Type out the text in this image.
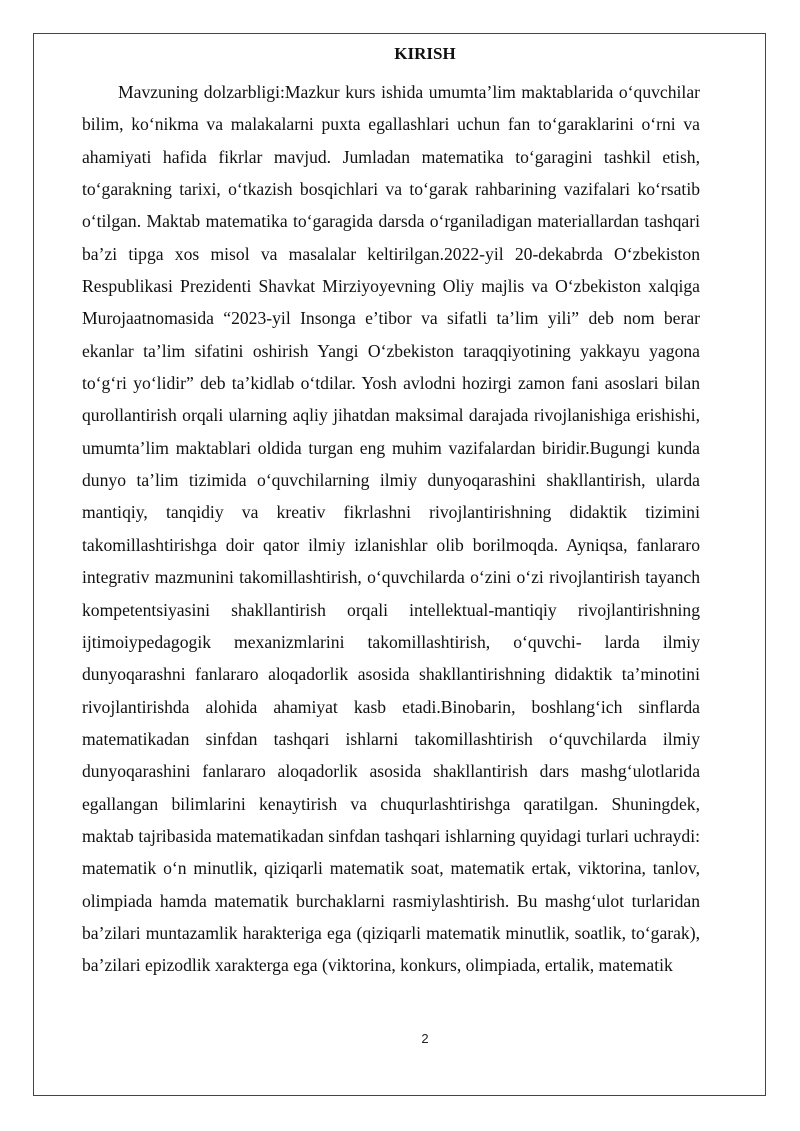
KIRISH

Mavzuning dolzarbligi:Mazkur kurs ishida umumta’lim maktablarida o‘quvchilar bilim, ko‘nikma va malakalarni puxta egallashlari uchun fan to‘garaklarini o‘rni va ahamiyati hafida fikrlar mavjud. Jumladan matematika to‘garagini tashkil etish, to‘garakning tarixi, o‘tkazish bosqichlari va to‘garak rahbarining vazifalari ko‘rsatib o‘tilgan. Maktab matematika to‘garagida darsda o‘rganiladigan materiallardan tashqari ba’zi tipga xos misol va masalalar keltirilgan.2022-yil 20-dekabrda O‘zbekiston Respublikasi Prezidenti Shavkat Mirziyoyevning Oliy majlis va O‘zbekiston xalqiga Murojaatnomasida “2023-yil Insonga e’tibor va sifatli ta’lim yili” deb nom berar ekanlar ta’lim sifatini oshirish Yangi O‘zbekiston taraqqiyotining yakkayu yagona to‘g‘ri yo‘lidir” deb ta’kidlab o‘tdilar. Yosh avlodni hozirgi zamon fani asoslari bilan qurollantirish orqali ularning aqliy jihatdan maksimal darajada rivojlanishiga erishishi, umumta’lim maktablari oldida turgan eng muhim vazifalardan biridir.Bugungi kunda dunyo ta’lim tizimida o‘quvchilarning ilmiy dunyoqarashini shakllantirish, ularda mantiqiy, tanqidiy va kreativ fikrlashni rivojlantirishning didaktik tizimini takomillashtirishga doir qator ilmiy izlanishlar olib borilmoqda. Ayniqsa, fanlararo integrativ mazmunini takomillashtirish, o‘quvchilarda o‘zini o‘zi rivojlantirish tayanch kompetentsiyasini shakllantirish orqali intellektual-mantiqiy rivojlantirishning ijtimoiypedagogik mexanizmlarini takomillashtirish, o‘quvchi- larda ilmiy dunyoqarashni fanlararo aloqadorlik asosida shakllantirishning didaktik ta’minotini rivojlantirishda alohida ahamiyat kasb etadi.Binobarin, boshlang‘ich sinflarda matematikadan sinfdan tashqari ishlarni takomillashtirish o‘quvchilarda ilmiy dunyoqarashini fanlararo aloqadorlik asosida shakllantirish dars mashg‘ulotlarida egallangan bilimlarini kenaytirish va chuqurlashtirishga qaratilgan. Shuningdek, maktab tajribasida matematikadan sinfdan tashqari ishlarning quyidagi turlari uchraydi: matematik o‘n minutlik, qiziqarli matematik soat, matematik ertak, viktorina, tanlov, olimpiada hamda matematik burchaklarni rasmiylashtirish. Bu mashg‘ulot turlaridan ba’zilari muntazamlik harakteriga ega (qiziqarli matematik minutlik, soatlik, to‘garak), ba’zilari epizodlik xarakterga ega (viktorina, konkurs, olimpiada, ertalik, matematik

2
